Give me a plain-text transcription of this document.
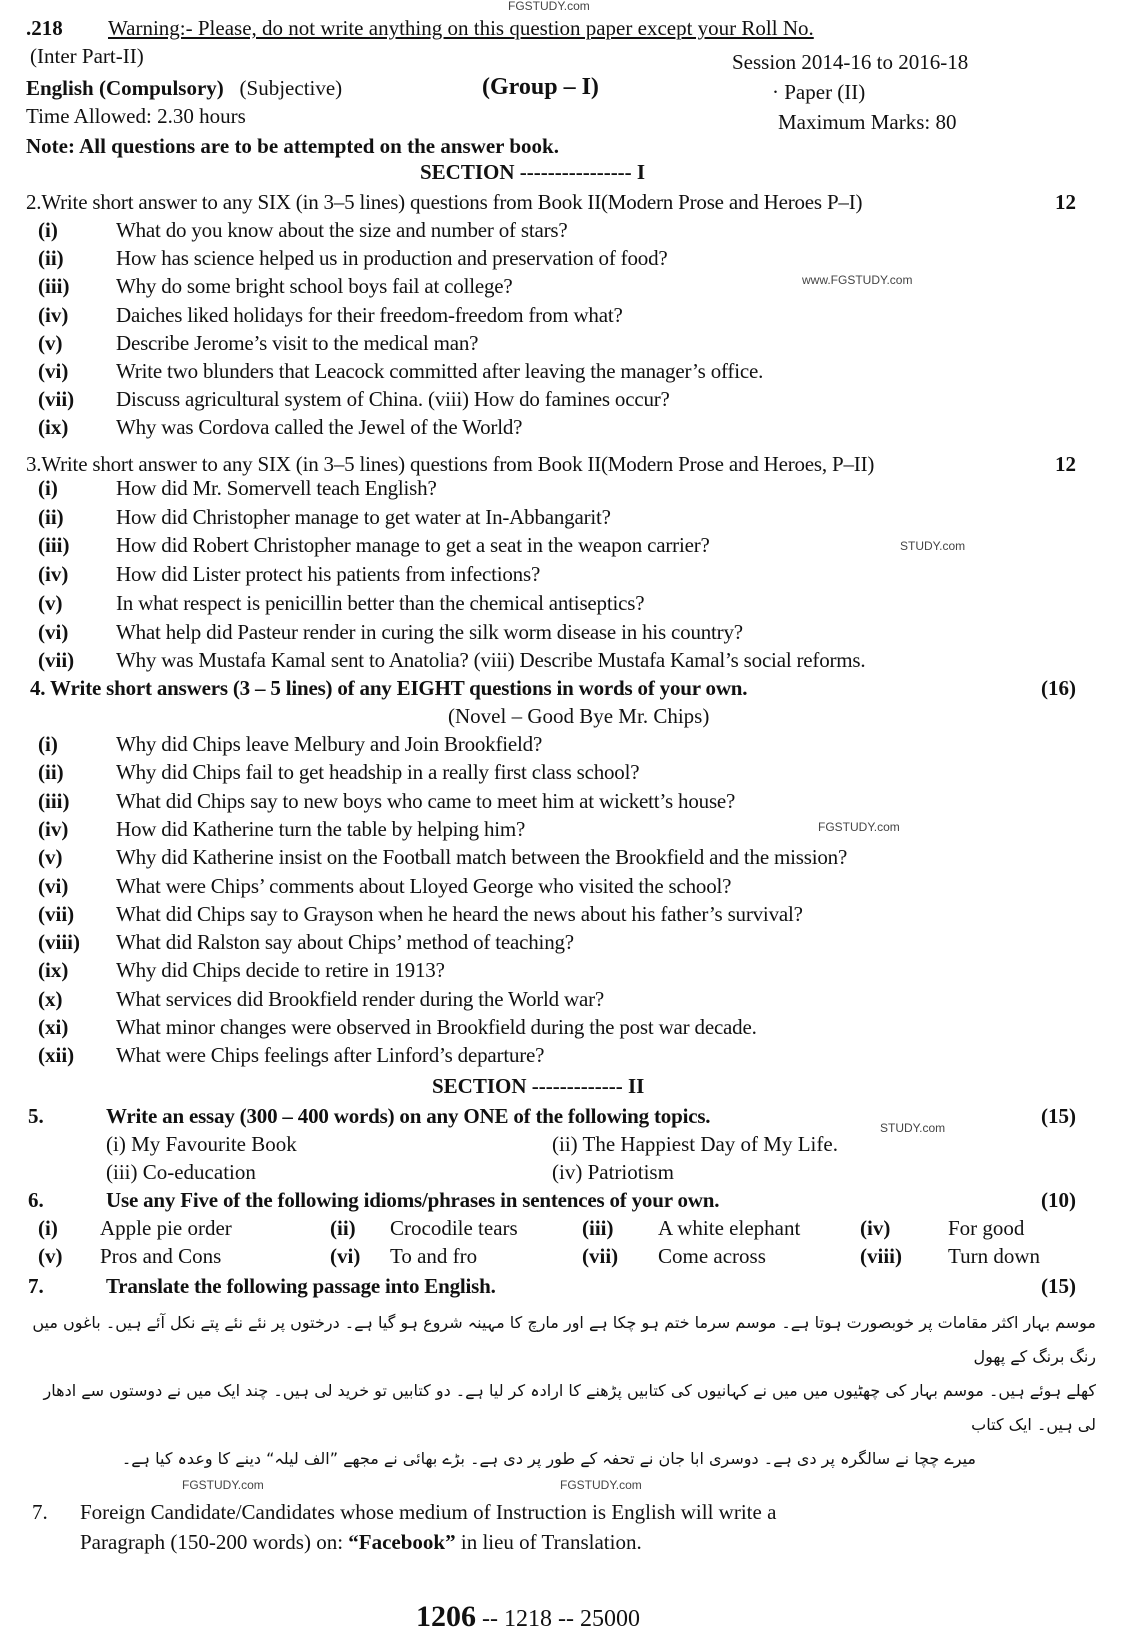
FGSTUDY.com
www.FGSTUDY.com
STUDY.com
FGSTUDY.com
STUDY.com
.218 Warning:- Please, do not write anything on this question paper except your Roll No.
(Inter Part-II)	Session 2014-16 to 2016-18
English (Compulsory) (Subjective)	(Group – I)	· Paper (II)
Time Allowed: 2.30 hours	Maximum Marks: 80
Note: All questions are to be attempted on the answer book.
SECTION ---------------- I
2.Write short answer to any SIX (in 3–5 lines) questions from Book II(Modern Prose and Heroes P–I)	12
(i)	What do you know about the size and number of stars?
(ii) How has science helped us in production and preservation of food?
(iii) Why do some bright school boys fail at college?
(iv) Daiches liked holidays for their freedom-freedom from what?
(v)	Describe Jerome’s visit to the medical man?
(vi) Write two blunders that Leacock committed after leaving the manager’s office.
(vii) Discuss agricultural system of China. (viii) How do famines occur?
(ix) Why was Cordova called the Jewel of the World?
3.Write short answer to any SIX (in 3–5 lines) questions from Book II(Modern Prose and Heroes, P–II)	12
(i)	How did Mr. Somervell teach English?
(ii) How did Christopher manage to get water at In-Abbangarit?
(iii) How did Robert Christopher manage to get a seat in the weapon carrier?
(iv) How did Lister protect his patients from infections?
(v)	In what respect is penicillin better than the chemical antiseptics?
(vi) What help did Pasteur render in curing the silk worm disease in his country?
(vii) Why was Mustafa Kamal sent to Anatolia? (viii) Describe Mustafa Kamal’s social reforms.
4. Write short answers (3 – 5 lines) of any EIGHT questions in words of your own.	(16)
(Novel – Good Bye Mr. Chips)
(i)	Why did Chips leave Melbury and Join Brookfield?
(ii) Why did Chips fail to get headship in a really first class school?
(iii) What did Chips say to new boys who came to meet him at wickett’s house?
(iv) How did Katherine turn the table by helping him?
(v)	Why did Katherine insist on the Football match between the Brookfield and the mission?
(vi) What were Chips’ comments about Lloyed George who visited the school?
(vii) What did Chips say to Grayson when he heard the news about his father’s survival?
(viii) What did Ralston say about Chips’ method of teaching?
(ix) Why did Chips decide to retire in 1913?
(x)	What services did Brookfield render during the World war?
(xi) What minor changes were observed in Brookfield during the post war decade.
(xii) What were Chips feelings after Linford’s departure?
SECTION ------------- II
5.	Write an essay (300 – 400 words) on any ONE of the following topics.	(15)
(i) My Favourite Book	(ii) The Happiest Day of My Life.
(iii) Co-education	(iv) Patriotism
6.	Use any Five of the following idioms/phrases in sentences of your own.	(10)
(i) Apple pie order	(ii) Crocodile tears	(iii) A white elephant	(iv)	For good
(v) Pros and Cons	(vi) To and fro	(vii) Come across	(viii) Turn down
7.	Translate the following passage into English.	(15)
موسم بہار اکثر مقامات پر خوبصورت ہوتا ہے۔ موسم سرما ختم ہو چکا ہے اور مارچ کا مہینہ شروع ہو گیا ہے۔ درختوں پر نئے نئے پتے نکل آئے ہیں۔ باغوں میں رنگ برنگ کے پھول
کھلے ہوئے ہیں۔ موسم بہار کی چھٹیوں میں میں نے کہانیوں کی کتابیں پڑھنے کا ارادہ کر لیا ہے۔ دو کتابیں تو خرید لی ہیں۔ چند ایک میں نے دوستوں سے ادھار لی ہیں۔ ایک کتاب
میرے چچا نے سالگرہ پر دی ہے۔ دوسری ابا جان نے تحفہ کے طور پر دی ہے۔ بڑے بھائی نے مجھے ”الف لیلہ“ دینے کا وعدہ کیا ہے۔
FGSTUDY.com	FGSTUDY.com
7. Foreign Candidate/Candidates whose medium of Instruction is English will write a
Paragraph (150-200 words) on: “Facebook” in lieu of Translation.
1206 -- 1218 -- 25000
